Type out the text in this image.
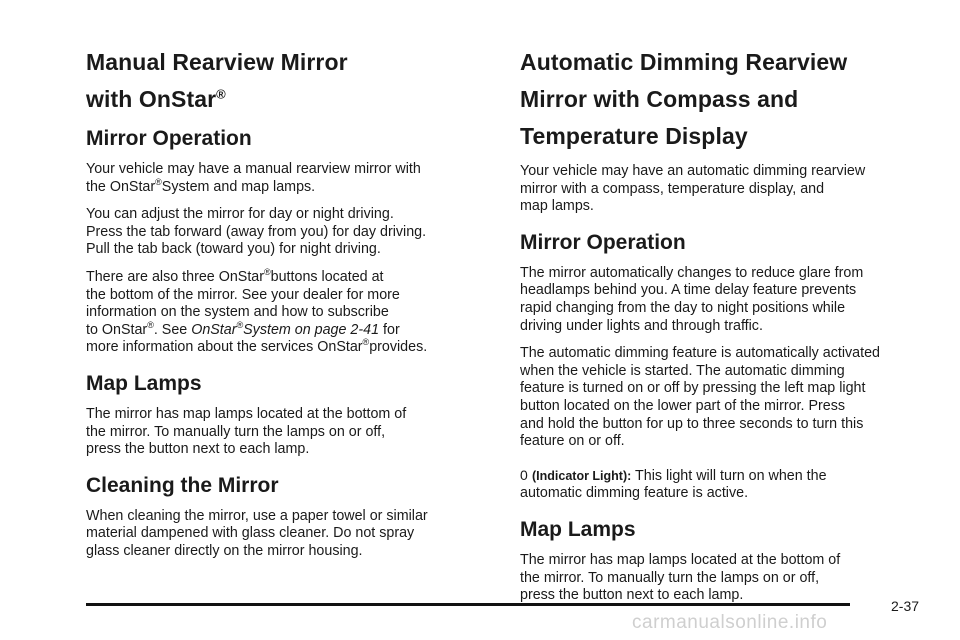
Manual Rearview Mirror
with OnStar®
Mirror Operation

Your vehicle may have a manual rearview mirror with
the OnStar®System and map lamps.

You can adjust the mirror for day or night driving.
Press the tab forward (away from you) for day driving.
Pull the tab back (toward you) for night driving.

There are also three OnStar®buttons located at
the bottom of the mirror. See your dealer for more
information on the system and how to subscribe
to OnStar®. See OnStar®System on page 2-41 for
more information about the services OnStar®provides.

Map Lamps

The mirror has map lamps located at the bottom of
the mirror. To manually turn the lamps on or off,
press the button next to each lamp.

Cleaning the Mirror

When cleaning the mirror, use a paper towel or similar
material dampened with glass cleaner. Do not spray
glass cleaner directly on the mirror housing.

Automatic Dimming Rearview
Mirror with Compass and
Temperature Display

Your vehicle may have an automatic dimming rearview
mirror with a compass, temperature display, and
map lamps.

Mirror Operation

The mirror automatically changes to reduce glare from
headlamps behind you. A time delay feature prevents
rapid changing from the day to night positions while
driving under lights and through traffic.

The automatic dimming feature is automatically activated
when the vehicle is started. The automatic dimming
feature is turned on or off by pressing the left map light
button located on the lower part of the mirror. Press
and hold the button for up to three seconds to turn this
feature on or off.

0 (Indicator Light): This light will turn on when the
automatic dimming feature is active.

Map Lamps

The mirror has map lamps located at the bottom of
the mirror. To manually turn the lamps on or off,
press the button next to each lamp.

2-37
carmanualsonline.info
